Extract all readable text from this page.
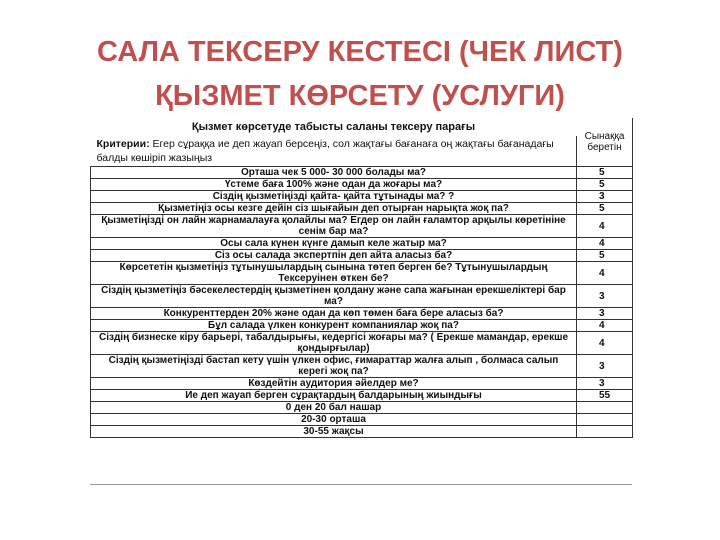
САЛА ТЕКСЕРУ КЕСТЕСІ (ЧЕК ЛИСТ)
ҚЫЗМЕТ КӨРСЕТУ (УСЛУГИ)
Қызмет көрсетуде табысты саланы тексеру парағы	Сынаққа беретін
Критерии: Егер сұраққа ие деп жауап берсеңіз, сол жақтағы бағанаға оң жақтағы бағанадағы балды көшіріп жазыңыз	
Орташа чек 5 000- 30 000 болады ма?	5
Үстеме баға 100% және одан да жоғары ма?	5
Сіздің қызметіңізді қайта- қайта тұтынады ма? ?	3
Қызметіңіз осы кезге дейін сіз шығайын деп отырған нарықта жоқ па?	5
Қызметіңізді он лайн жарнамалауға қолайлы ма? Егдер он лайн ғаламтор арқылы көретініне сенім бар ма?	4
Осы сала күнен күнге дамып келе жатыр ма?	4
Сіз осы салада экспертпін деп айта аласыз ба?	5
Көрсететін қызметіңіз тұтынушылардың сынына төтеп берген бе? Тұтынушылардың Тексеруінен өткен бе?	4
Сіздің қызметіңіз бәсекелестердің қызметінен қолдану және сапа жағынан ерекшеліктері бар ма?	3
Конкуренттерден 20% және одан да көп төмен баға бере аласыз ба?	3
Бұл салада үлкен конкурент компаниялар жоқ па?	4
Сіздің бизнеске кіру барьері, табалдырығы, кедергісі жоғары ма? ( Ерекше мамандар, ерекше қондырғылар)	4
Сіздің қызметіңізді бастап кету үшін үлкен офис, ғимараттар жалға алып , болмаса салып керегі жоқ па?	3
Көздейтін аудитория әйелдер ме?	3
Ие деп жауап берген сұрақтардың балдарының жиындығы	55
0 ден 20 бал нашар	
20-30 орташа	
30-55 жақсы	
